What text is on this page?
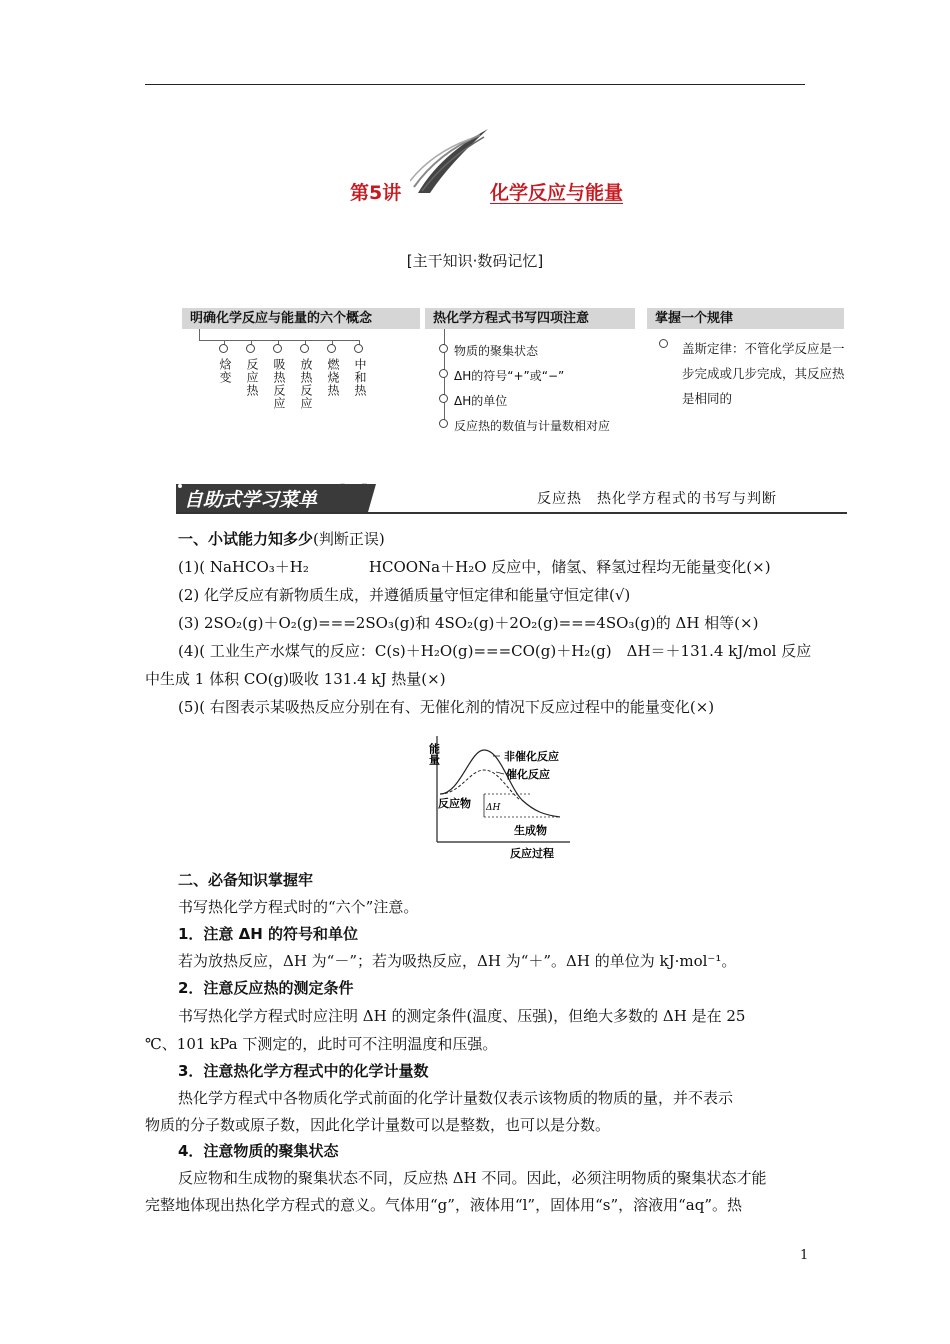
第5讲	化学反应与能量
[主干知识·数码记忆]
明确化学反应与能量的六个概念
焓变 反应热 吸热反应 放热反应 燃烧热 中和热
热化学方程式书写四项注意
物质的聚集状态
ΔH的符号“+”或“−”
ΔH的单位
反应热的数值与计量数相对应
掌握一个规律
盖斯定律：不管化学反应是一步完成或几步完成，其反应热是相同的
自助式学习菜单 01	反应热　热化学方程式的书写与判断
一、小试能力知多少(判断正误)
(1)( NaHCO₃＋H₂　　　　HCOONa＋H₂O 反应中，储氢、释氢过程均无能量变化(×)
(2) 化学反应有新物质生成，并遵循质量守恒定律和能量守恒定律(√)
(3) 2SO₂(g)＋O₂(g)===2SO₃(g)和 4SO₂(g)＋2O₂(g)===4SO₃(g)的 ΔH 相等(×)
(4)( 工业生产水煤气的反应：C(s)＋H₂O(g)===CO(g)＋H₂(g)　ΔH＝＋131.4 kJ/mol 反应
中生成 1 体积 CO(g)吸收 131.4 kJ 热量(×)
(5)( 右图表示某吸热反应分别在有、无催化剂的情况下反应过程中的能量变化(×)
能量	非催化反应
催化反应
反应物 ΔH
生成物
反应过程
二、必备知识掌握牢
书写热化学方程式时的“六个”注意。
1．注意 ΔH 的符号和单位
若为放热反应，ΔH 为“－”；若为吸热反应，ΔH 为“＋”。ΔH 的单位为 kJ·mol⁻¹。
2．注意反应热的测定条件
书写热化学方程式时应注明 ΔH 的测定条件(温度、压强)，但绝大多数的 ΔH 是在 25
℃、101 kPa 下测定的，此时可不注明温度和压强。
3．注意热化学方程式中的化学计量数
热化学方程式中各物质化学式前面的化学计量数仅表示该物质的物质的量，并不表示
物质的分子数或原子数，因此化学计量数可以是整数，也可以是分数。
4．注意物质的聚集状态
反应物和生成物的聚集状态不同，反应热 ΔH 不同。因此，必须注明物质的聚集状态才能
完整地体现出热化学方程式的意义。气体用“g”，液体用“l”，固体用“s”，溶液用“aq”。热
1
